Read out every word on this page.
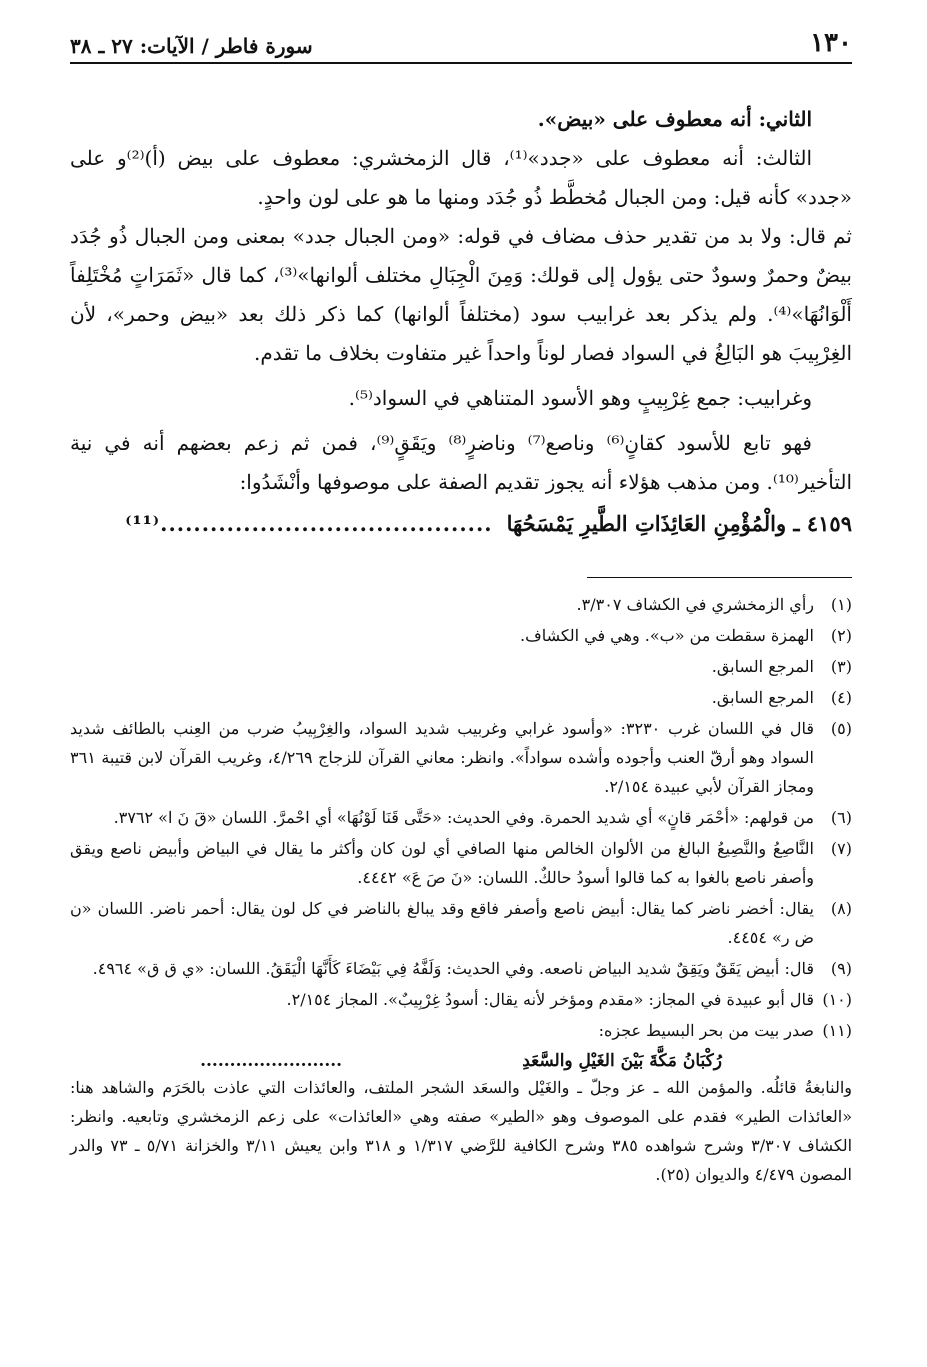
١٣٠
سورة فاطر / الآيات: ٢٧ ـ ٣٨

الثاني: أنه معطوف على «بيض».

الثالث: أنه معطوف على «جدد»⁽¹⁾، قال الزمخشري: معطوف على بيض (أ)⁽²⁾و على «جدد» كأنه قيل: ومن الجبال مُخطَّط ذُو جُدَد ومنها ما هو على لون واحدٍ.

ثم قال: ولا بد من تقدير حذف مضاف في قوله: «ومن الجبال جدد» بمعنى ومن الجبال ذُو جُدَد بيضٌ وحمرٌ وسودٌ حتى يؤول إلى قولك: وَمِنَ الْجِبَالِ مختلف ألوانها»⁽³⁾، كما قال «ثَمَرَاتٍ مُخْتَلِفاً أَلْوَانُهَا»⁽⁴⁾. ولم يذكر بعد غرابيب سود (مختلفاً ألوانها) كما ذكر ذلك بعد «بيض وحمر»، لأن الغِرْبِيبَ هو البَالِغُ في السواد فصار لوناً واحداً غير متفاوت بخلاف ما تقدم.

وغرابيب: جمع غِرْبِيبٍ وهو الأسود المتناهي في السواد⁽⁵⁾.

فهو تابع للأسود كقانٍ⁽⁶⁾ وناصع⁽⁷⁾ وناضرٍ⁽⁸⁾ ويَقَقٍ⁽⁹⁾، فمن ثم زعم بعضهم أنه في نية التأخير⁽¹⁰⁾. ومن مذهب هؤلاء أنه يجوز تقديم الصفة على موصوفها وأنْشَدُوا:

٤١٥٩ ـ والْمُؤْمِنِ العَائِذَاتِ الطَّيرِ يَمْسَحُهَا
........................................⁽¹¹⁾
(١)
رأي الزمخشري في الكشاف ٣/٣٠٧.
(٢)
الهمزة سقطت من «ب». وهي في الكشاف.
(٣)
المرجع السابق.
(٤)
المرجع السابق.
(٥)
قال في اللسان غرب ٣٢٣٠: «وأسود غرابي وغربيب شديد السواد، والغِرْبِيبُ ضرب من العِنب بالطائف شديد السواد وهو أرقّ العنب وأجوده وأشده سواداً». وانظر: معاني القرآن للزجاج ٤/٢٦٩، وغريب القرآن لابن قتيبة ٣٦١ ومجاز القرآن لأبي عبيدة ٢/١٥٤.
(٦)
من قولهم: «أحْمَر قانٍ» أي شديد الحمرة. وفي الحديث: «حَتَّى قَنَا لَوْنُهَا» أي احْمرَّ. اللسان «قَ نَ ا» ٣٧٦٢.
(٧)
النَّاصِعُ والنَّصِيعُ البالغ من الألوان الخالص منها الصافي أي لون كان وأكثر ما يقال في البياض وأبيض ناصع ويقق وأصفر ناصع بالغوا به كما قالوا أسودُ حالكٌ. اللسان: «نَ صَ عَ» ٤٤٤٢.
(٨)
يقال: أخضر ناضر كما يقال: أبيض ناصع وأصفر فاقع وقد يبالغ بالناضر في كل لون يقال: أحمر ناضر. اللسان «ن ض ر» ٤٤٥٤.
(٩)
قال: أبيض يَقَقٌ ويَقِقٌ شديد البياض ناصعه. وفي الحديث: وَلَفَّهُ فِي بَيْضَاءَ كَأَنَّهَا الْيَقَقُ. اللسان: «ي ق ق» ٤٩٦٤.
(١٠)
قال أبو عبيدة في المجاز: «مقدم ومؤخر لأنه يقال: أسودُ غِرْبِيبٌ». المجاز ٢/١٥٤.
(١١)
صدر بيت من بحر البسيط عجزه:
رُكْبَانُ مَكَّةَ بَيْنَ الغَيْلِ والسَّعَدِ
........................
والنابغةُ قائلُه. والمؤمن الله ـ عز وجلّ ـ والغَيْل والسعَد الشجر الملتف، والعائذات التي عاذت بالحَرَم والشاهد هنا: «العائذات الطير» فقدم على الموصوف وهو «الطير» صفته وهي «العائذات» على زعم الزمخشري وتابعيه. وانظر: الكشاف ٣/٣٠٧ وشرح شواهده ٣٨٥ وشرح الكافية للرَّضي ١/٣١٧ و ٣١٨ وابن يعيش ٣/١١ والخزانة ٥/٧١ ـ ٧٣ والدر المصون ٤/٤٧٩ والديوان (٢٥).
